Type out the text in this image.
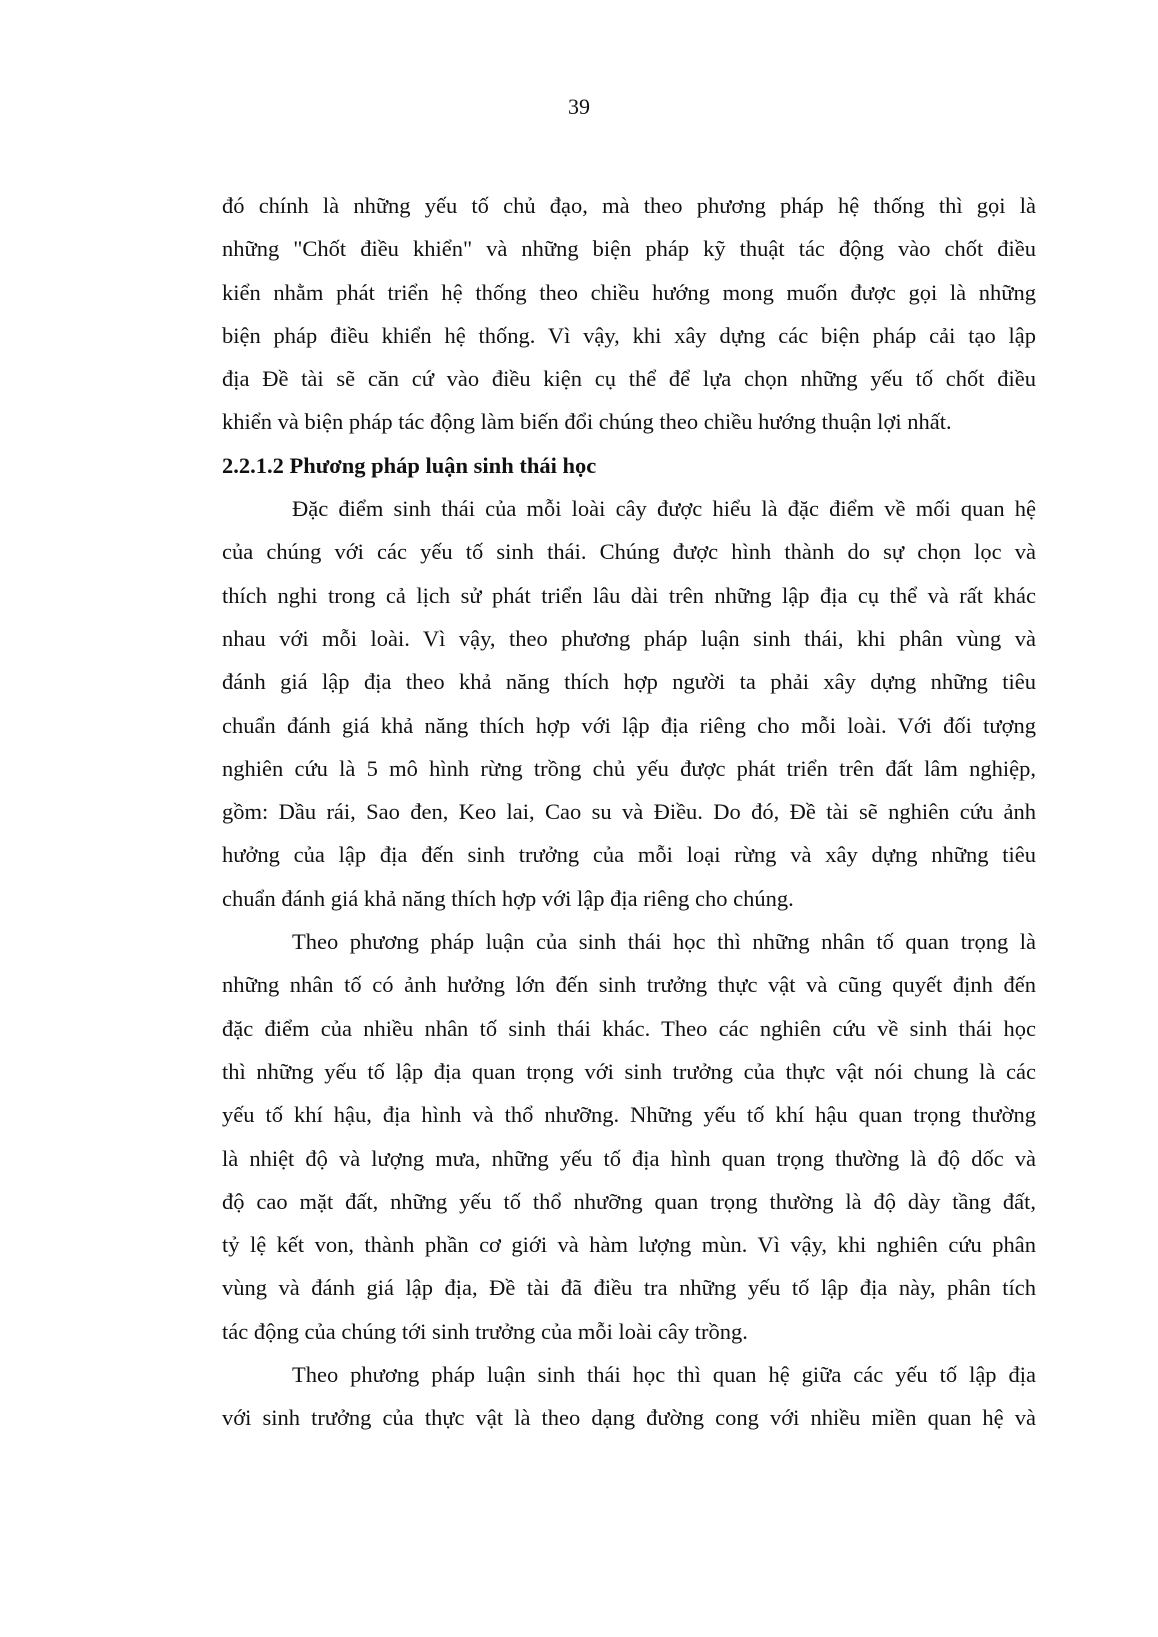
39

đó chính là những yếu tố chủ đạo, mà theo phương pháp hệ thống thì gọi là
những "Chốt điều khiển" và những biện pháp kỹ thuật tác động vào chốt điều
kiển nhằm phát triển hệ thống theo chiều hướng mong muốn được gọi là những
biện pháp điều khiển hệ thống. Vì vậy, khi xây dựng các biện pháp cải tạo lập
địa Đề tài sẽ căn cứ vào điều kiện cụ thể để lựa chọn những yếu tố chốt điều
khiển và biện pháp tác động làm biến đổi chúng theo chiều hướng thuận lợi nhất.

2.2.1.2 Phương pháp luận sinh thái học

Đặc điểm sinh thái của mỗi loài cây được hiểu là đặc điểm về mối quan hệ
của chúng với các yếu tố sinh thái. Chúng được hình thành do sự chọn lọc và
thích nghi trong cả lịch sử phát triển lâu dài trên những lập địa cụ thể và rất khác
nhau với mỗi loài. Vì vậy, theo phương pháp luận sinh thái, khi phân vùng và
đánh giá lập địa theo khả năng thích hợp người ta phải xây dựng những tiêu
chuẩn đánh giá khả năng thích hợp với lập địa riêng cho mỗi loài. Với đối tượng
nghiên cứu là 5 mô hình rừng trồng chủ yếu được phát triển trên đất lâm nghiệp,
gồm: Dầu rái, Sao đen, Keo lai, Cao su và Điều. Do đó, Đề tài sẽ nghiên cứu ảnh
hưởng của lập địa đến sinh trưởng của mỗi loại rừng và xây dựng những tiêu
chuẩn đánh giá khả năng thích hợp với lập địa riêng cho chúng.

Theo phương pháp luận của sinh thái học thì những nhân tố quan trọng là
những nhân tố có ảnh hưởng lớn đến sinh trưởng thực vật và cũng quyết định đến
đặc điểm của nhiều nhân tố sinh thái khác. Theo các nghiên cứu về sinh thái học
thì những yếu tố lập địa quan trọng với sinh trưởng của thực vật nói chung là các
yếu tố khí hậu, địa hình và thổ nhưỡng. Những yếu tố khí hậu quan trọng thường
là nhiệt độ và lượng mưa, những yếu tố địa hình quan trọng thường là độ dốc và
độ cao mặt đất, những yếu tố thổ nhưỡng quan trọng thường là độ dày tầng đất,
tỷ lệ kết von, thành phần cơ giới và hàm lượng mùn. Vì vậy, khi nghiên cứu phân
vùng và đánh giá lập địa, Đề tài đã điều tra những yếu tố lập địa này, phân tích
tác động của chúng tới sinh trưởng của mỗi loài cây trồng.

Theo phương pháp luận sinh thái học thì quan hệ giữa các yếu tố lập địa
với sinh trưởng của thực vật là theo dạng đường cong với nhiều miền quan hệ và
